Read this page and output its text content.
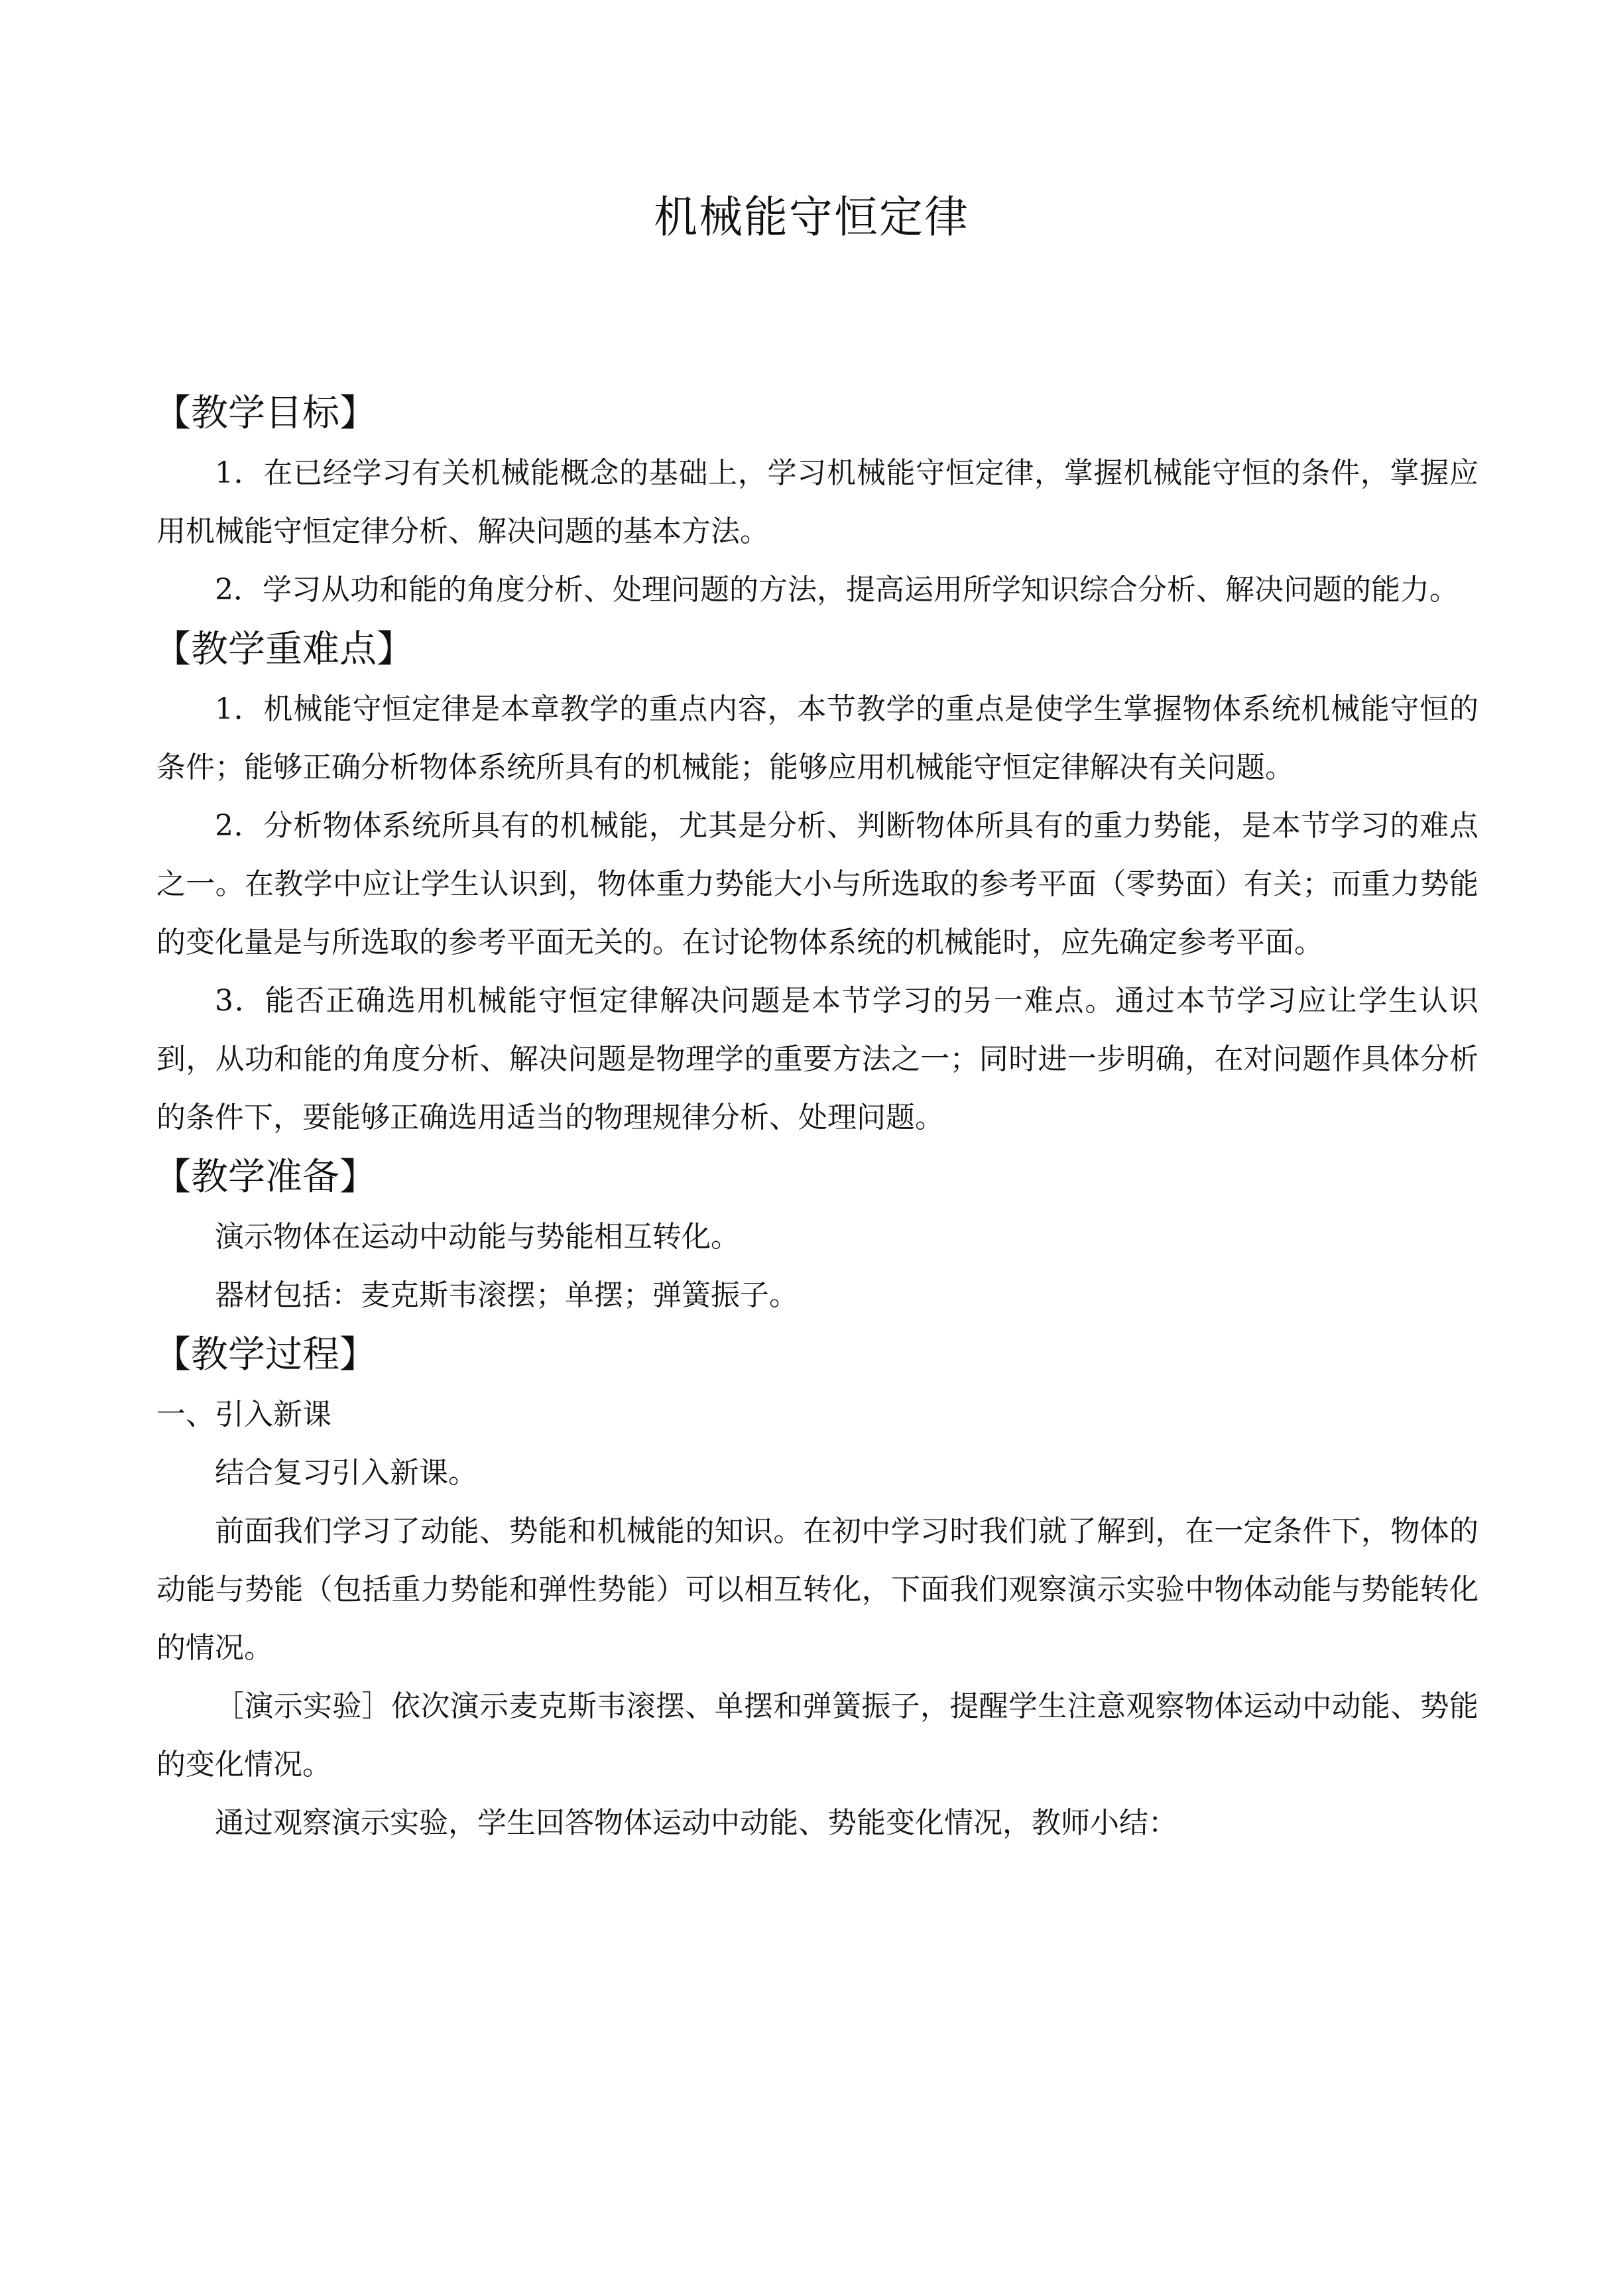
机械能守恒定律

【教学目标】

1．在已经学习有关机械能概念的基础上，学习机械能守恒定律，掌握机械能守恒的条件，掌握应用机械能守恒定律分析、解决问题的基本方法。

2．学习从功和能的角度分析、处理问题的方法，提高运用所学知识综合分析、解决问题的能力。

【教学重难点】

1．机械能守恒定律是本章教学的重点内容，本节教学的重点是使学生掌握物体系统机械能守恒的条件；能够正确分析物体系统所具有的机械能；能够应用机械能守恒定律解决有关问题。

2．分析物体系统所具有的机械能，尤其是分析、判断物体所具有的重力势能，是本节学习的难点之一。在教学中应让学生认识到，物体重力势能大小与所选取的参考平面（零势面）有关；而重力势能的变化量是与所选取的参考平面无关的。在讨论物体系统的机械能时，应先确定参考平面。

3．能否正确选用机械能守恒定律解决问题是本节学习的另一难点。通过本节学习应让学生认识到，从功和能的角度分析、解决问题是物理学的重要方法之一；同时进一步明确，在对问题作具体分析的条件下，要能够正确选用适当的物理规律分析、处理问题。

【教学准备】

演示物体在运动中动能与势能相互转化。

器材包括：麦克斯韦滚摆；单摆；弹簧振子。

【教学过程】

一、引入新课

结合复习引入新课。

前面我们学习了动能、势能和机械能的知识。在初中学习时我们就了解到，在一定条件下，物体的动能与势能（包括重力势能和弹性势能）可以相互转化，下面我们观察演示实验中物体动能与势能转化的情况。

［演示实验］依次演示麦克斯韦滚摆、单摆和弹簧振子，提醒学生注意观察物体运动中动能、势能的变化情况。

通过观察演示实验，学生回答物体运动中动能、势能变化情况，教师小结：
